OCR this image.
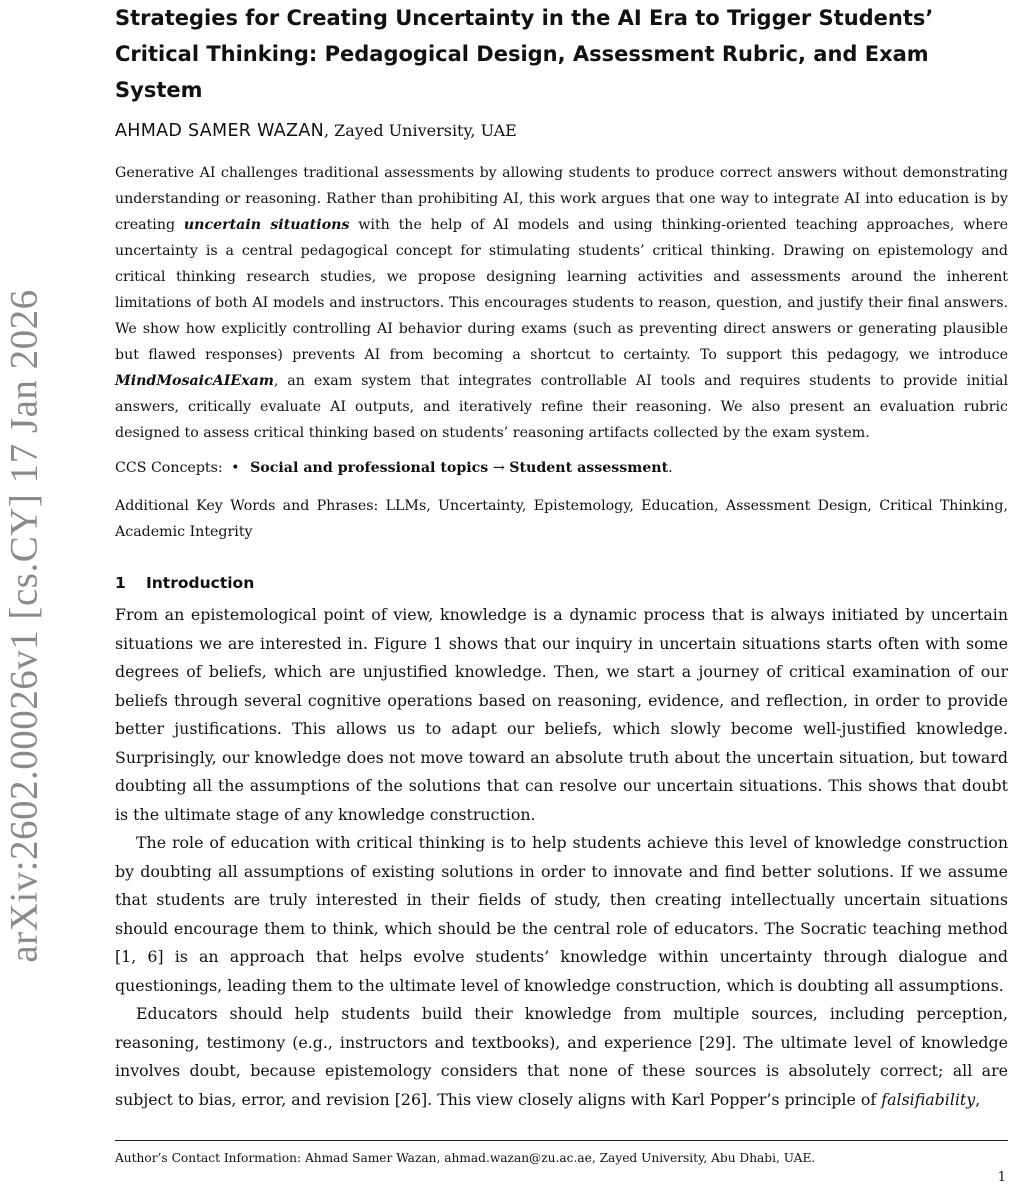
arXiv:2602.00026v1 [cs.CY] 17 Jan 2026
Strategies for Creating Uncertainty in the AI Era to Trigger Students’ Critical Thinking: Pedagogical Design, Assessment Rubric, and Exam System
AHMAD SAMER WAZAN, Zayed University, UAE

Generative AI challenges traditional assessments by allowing students to produce correct answers without demonstrating understanding or reasoning. Rather than prohibiting AI, this work argues that one way to integrate AI into education is by creating uncertain situations with the help of AI models and using thinking-oriented teaching approaches, where uncertainty is a central pedagogical concept for stimulating students’ critical thinking. Drawing on epistemology and critical thinking research studies, we propose designing learning activities and assessments around the inherent limitations of both AI models and instructors. This encourages students to reason, question, and justify their final answers. We show how explicitly controlling AI behavior during exams (such as preventing direct answers or generating plausible but flawed responses) prevents AI from becoming a shortcut to certainty. To support this pedagogy, we introduce MindMosaicAIExam, an exam system that integrates controllable AI tools and requires students to provide initial answers, critically evaluate AI outputs, and iteratively refine their reasoning. We also present an evaluation rubric designed to assess critical thinking based on students’ reasoning artifacts collected by the exam system.

CCS Concepts: • Social and professional topics → Student assessment.

Additional Key Words and Phrases: LLMs, Uncertainty, Epistemology, Education, Assessment Design, Critical Thinking, Academic Integrity

1 Introduction

From an epistemological point of view, knowledge is a dynamic process that is always initiated by uncertain situations we are interested in. Figure 1 shows that our inquiry in uncertain situations starts often with some degrees of beliefs, which are unjustified knowledge. Then, we start a journey of critical examination of our beliefs through several cognitive operations based on reasoning, evidence, and reflection, in order to provide better justifications. This allows us to adapt our beliefs, which slowly become well-justified knowledge. Surprisingly, our knowledge does not move toward an absolute truth about the uncertain situation, but toward doubting all the assumptions of the solutions that can resolve our uncertain situations. This shows that doubt is the ultimate stage of any knowledge construction.

The role of education with critical thinking is to help students achieve this level of knowledge construction by doubting all assumptions of existing solutions in order to innovate and find better solutions. If we assume that students are truly interested in their fields of study, then creating intellectually uncertain situations should encourage them to think, which should be the central role of educators. The Socratic teaching method [1, 6] is an approach that helps evolve students’ knowledge within uncertainty through dialogue and questionings, leading them to the ultimate level of knowledge construction, which is doubting all assumptions.

Educators should help students build their knowledge from multiple sources, including perception, reasoning, testimony (e.g., instructors and textbooks), and experience [29]. The ultimate level of knowledge involves doubt, because epistemology considers that none of these sources is absolutely correct; all are subject to bias, error, and revision [26]. This view closely aligns with Karl Popper’s principle of falsifiability,

Author’s Contact Information: Ahmad Samer Wazan, ahmad.wazan@zu.ac.ae, Zayed University, Abu Dhabi, UAE.
1
